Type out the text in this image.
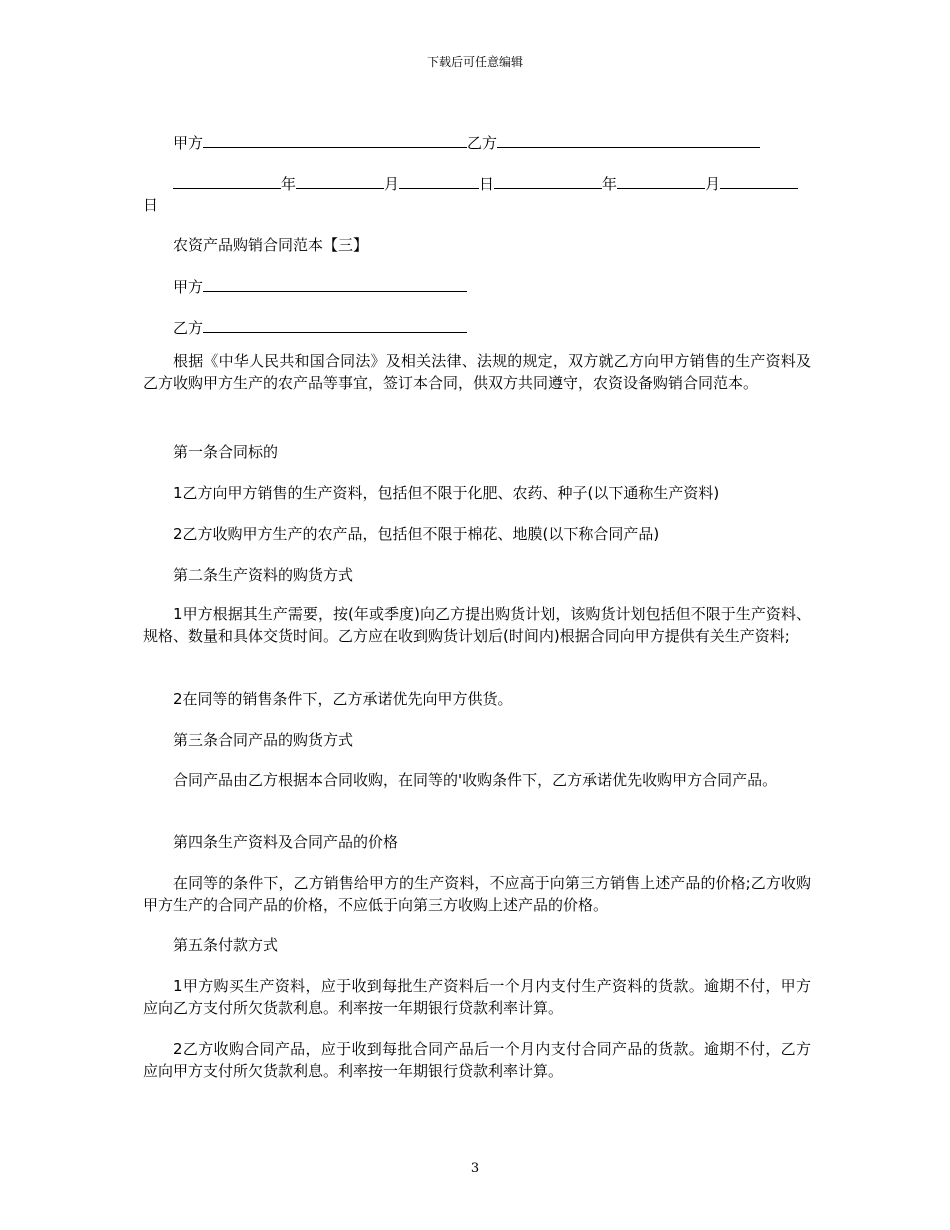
下载后可任意编辑
甲方	乙方
年	月	日	年	月
日
农资产品购销合同范本【三】
甲方
乙方

根据《中华人民共和国合同法》及相关法律、法规的规定，双方就乙方向甲方销售的生产资料及乙方收购甲方生产的农产品等事宜，签订本合同，供双方共同遵守，农资设备购销合同范本。

第一条合同标的

1乙方向甲方销售的生产资料，包括但不限于化肥、农药、种子(以下通称生产资料)

2乙方收购甲方生产的农产品，包括但不限于棉花、地膜(以下称合同产品)

第二条生产资料的购货方式

1甲方根据其生产需要，按(年或季度)向乙方提出购货计划，该购货计划包括但不限于生产资料、规格、数量和具体交货时间。乙方应在收到购货计划后(时间内)根据合同向甲方提供有关生产资料;

2在同等的销售条件下，乙方承诺优先向甲方供货。

第三条合同产品的购货方式

合同产品由乙方根据本合同收购，在同等的'收购条件下，乙方承诺优先收购甲方合同产品。

第四条生产资料及合同产品的价格

在同等的条件下，乙方销售给甲方的生产资料，不应高于向第三方销售上述产品的价格;乙方收购甲方生产的合同产品的价格，不应低于向第三方收购上述产品的价格。

第五条付款方式

1甲方购买生产资料，应于收到每批生产资料后一个月内支付生产资料的货款。逾期不付，甲方应向乙方支付所欠货款利息。利率按一年期银行贷款利率计算。

2乙方收购合同产品，应于收到每批合同产品后一个月内支付合同产品的货款。逾期不付，乙方应向甲方支付所欠货款利息。利率按一年期银行贷款利率计算。

3
